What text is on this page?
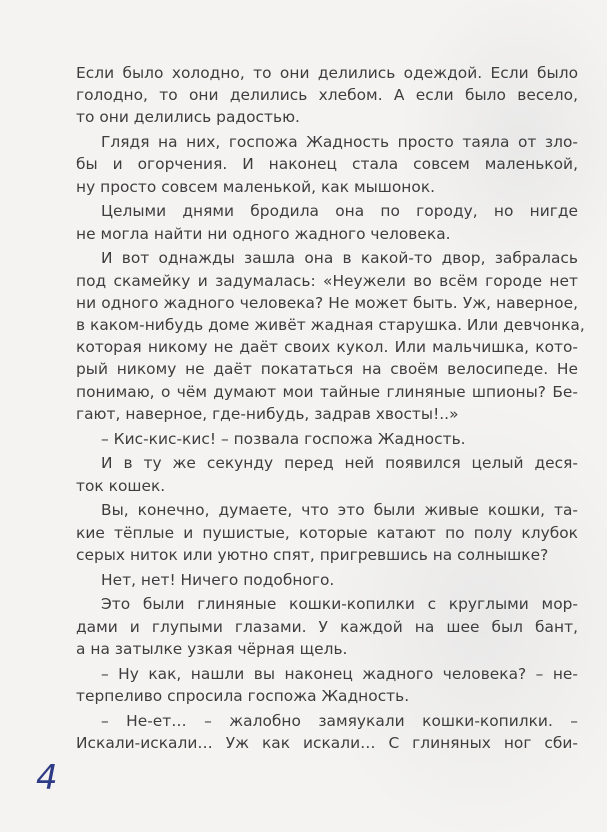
Если было холодно, то они делились одеждой. Если было
голодно, то они делились хлебом. А если было весело,
то они делились радостью.
Глядя на них, госпожа Жадность просто таяла от зло-
бы и огорчения. И наконец стала совсем маленькой,
ну просто совсем маленькой, как мышонок.
Целыми днями бродила она по городу, но нигде
не могла найти ни одного жадного человека.
И вот однажды зашла она в какой-то двор, забралась
под скамейку и задумалась: «Неужели во всём городе нет
ни одного жадного человека? Не может быть. Уж, наверное,
в каком-нибудь доме живёт жадная старушка. Или девчонка,
которая никому не даёт своих кукол. Или мальчишка, кото-
рый никому не даёт покататься на своём велосипеде. Не
понимаю, о чём думают мои тайные глиняные шпионы? Бе-
гают, наверное, где-нибудь, задрав хвосты!..»
– Кис-кис-кис! – позвала госпожа Жадность.
И в ту же секунду перед ней появился целый деся-
ток кошек.
Вы, конечно, думаете, что это были живые кошки, та-
кие тёплые и пушистые, которые катают по полу клубок
серых ниток или уютно спят, пригревшись на солнышке?
Нет, нет! Ничего подобного.
Это были глиняные кошки-копилки с круглыми мор-
дами и глупыми глазами. У каждой на шее был бант,
а на затылке узкая чёрная щель.
– Ну как, нашли вы наконец жадного человека? – не-
терпеливо спросила госпожа Жадность.
– Не-ет… – жалобно замяукали кошки-копилки. –
Искали-искали… Уж как искали… С глиняных ног сби-
4
